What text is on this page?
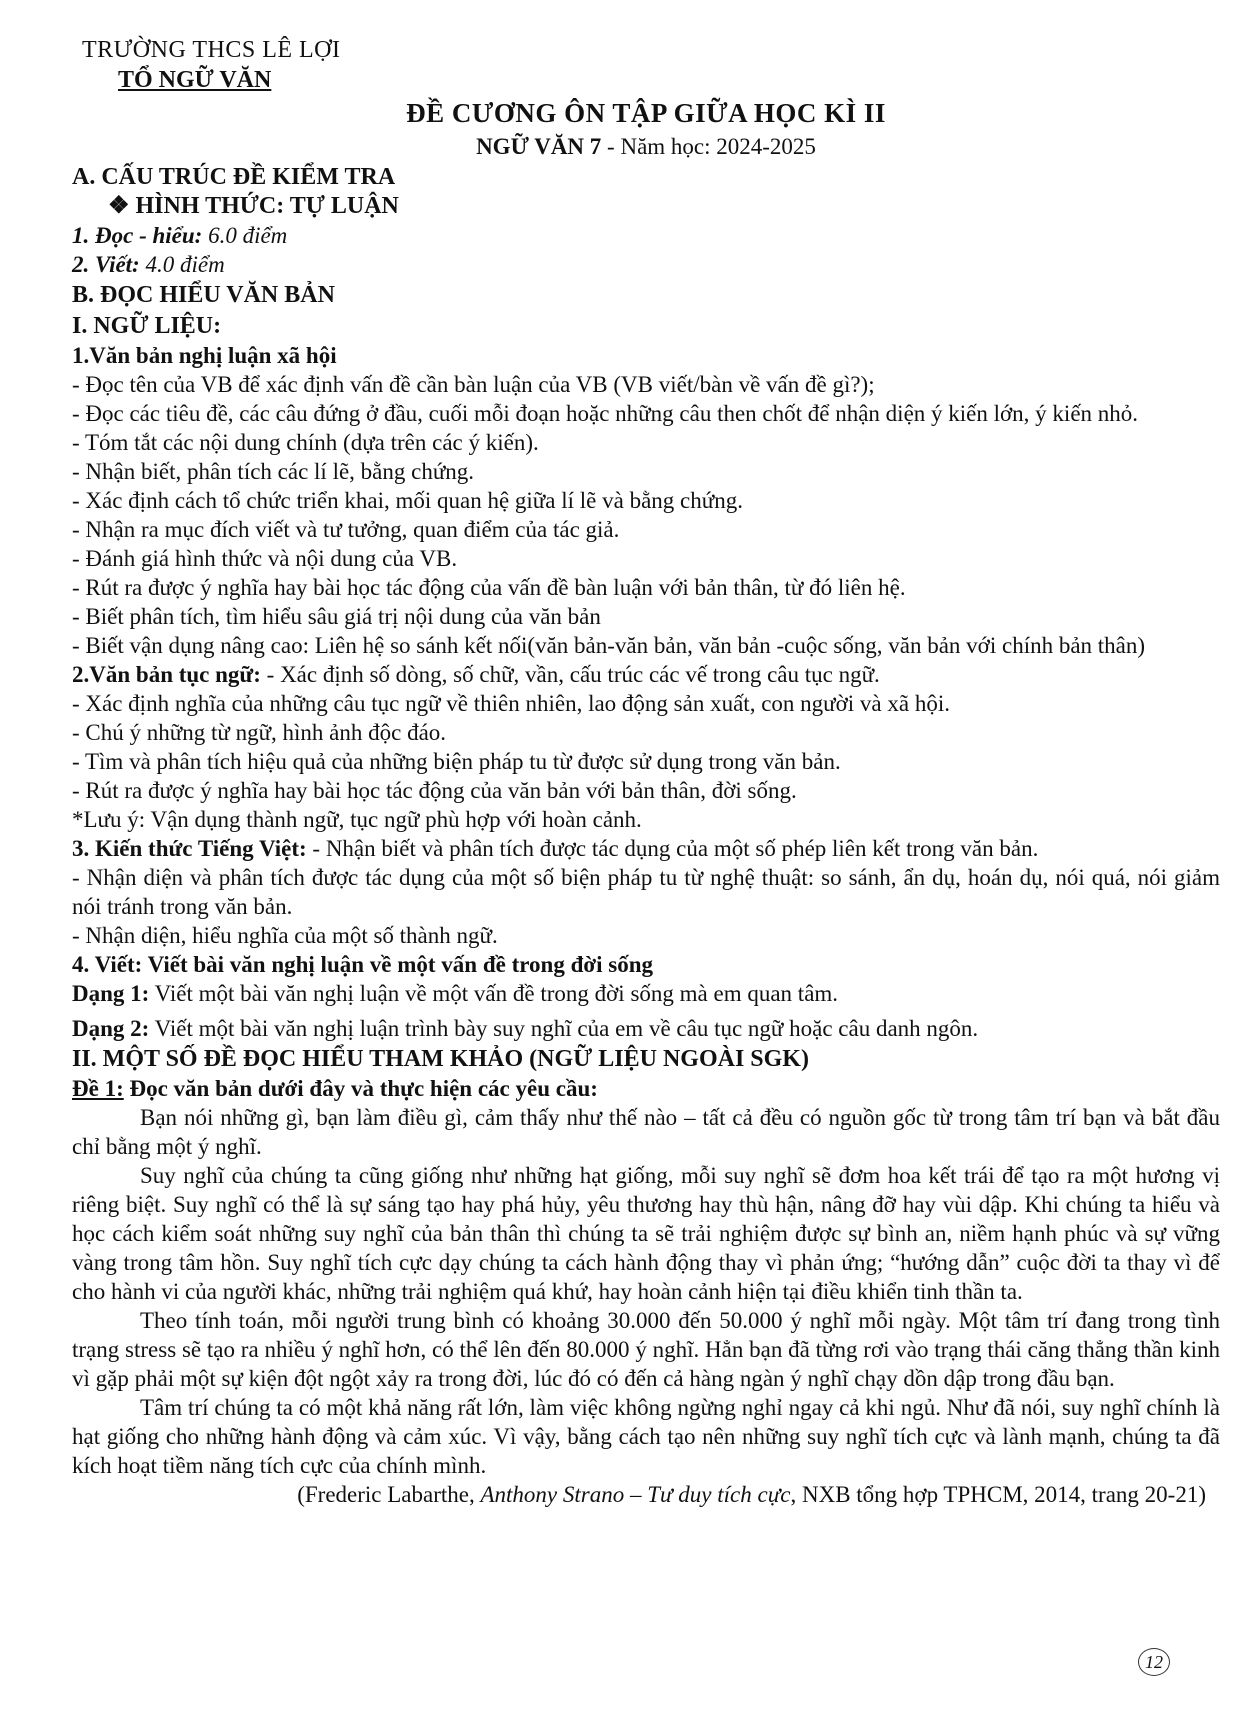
TRƯỜNG THCS LÊ LỢI
TỔ NGỮ VĂN
ĐỀ CƯƠNG ÔN TẬP GIỮA HỌC KÌ II
NGỮ VĂN 7 - Năm học: 2024-2025
A. CẤU TRÚC ĐỀ KIỂM TRA
❖ HÌNH THỨC: TỰ LUẬN
1. Đọc - hiểu: 6.0 điểm
2. Viết: 4.0 điểm
B. ĐỌC HIỂU VĂN BẢN
I. NGỮ LIỆU:
1.Văn bản nghị luận xã hội
- Đọc tên của VB để xác định vấn đề cần bàn luận của VB (VB viết/bàn về vấn đề gì?);
- Đọc các tiêu đề, các câu đứng ở đầu, cuối mỗi đoạn hoặc những câu then chốt để nhận diện ý kiến lớn, ý kiến nhỏ.
- Tóm tắt các nội dung chính (dựa trên các ý kiến).
- Nhận biết, phân tích các lí lẽ, bằng chứng.
- Xác định cách tổ chức triển khai, mối quan hệ giữa lí lẽ và bằng chứng.
- Nhận ra mục đích viết và tư tưởng, quan điểm của tác giả.
- Đánh giá hình thức và nội dung của VB.
- Rút ra được ý nghĩa hay bài học tác động của vấn đề bàn luận với bản thân, từ đó liên hệ.
- Biết phân tích, tìm hiểu sâu giá trị nội dung của văn bản
- Biết vận dụng nâng cao: Liên hệ so sánh kết nối(văn bản-văn bản, văn bản -cuộc sống, văn bản với chính bản thân)
2.Văn bản tục ngữ: - Xác định số dòng, số chữ, vần, cấu trúc các vế trong câu tục ngữ.
- Xác định nghĩa của những câu tục ngữ về thiên nhiên, lao động sản xuất, con người và xã hội.
- Chú ý những từ ngữ, hình ảnh độc đáo.
- Tìm và phân tích hiệu quả của những biện pháp tu từ được sử dụng trong văn bản.
- Rút ra được ý nghĩa hay bài học tác động của văn bản với bản thân, đời sống.
*Lưu ý: Vận dụng thành ngữ, tục ngữ phù hợp với hoàn cảnh.
3. Kiến thức Tiếng Việt: - Nhận biết và phân tích được tác dụng của một số phép liên kết trong văn bản.
- Nhận diện và phân tích được tác dụng của một số biện pháp tu từ nghệ thuật: so sánh, ẩn dụ, hoán dụ, nói quá, nói giảm nói tránh trong văn bản.
- Nhận diện, hiểu nghĩa của một số thành ngữ.
4. Viết: Viết bài văn nghị luận về một vấn đề trong đời sống
Dạng 1: Viết một bài văn nghị luận về một vấn đề trong đời sống mà em quan tâm.
Dạng 2: Viết một bài văn nghị luận trình bày suy nghĩ của em về câu tục ngữ hoặc câu danh ngôn.
II. MỘT SỐ ĐỀ ĐỌC HIỂU THAM KHẢO (NGỮ LIỆU NGOÀI SGK)
Đề 1: Đọc văn bản dưới đây và thực hiện các yêu cầu:
Bạn nói những gì, bạn làm điều gì, cảm thấy như thế nào – tất cả đều có nguồn gốc từ trong tâm trí bạn và bắt đầu chỉ bằng một ý nghĩ.
Suy nghĩ của chúng ta cũng giống như những hạt giống, mỗi suy nghĩ sẽ đơm hoa kết trái để tạo ra một hương vị riêng biệt. Suy nghĩ có thể là sự sáng tạo hay phá hủy, yêu thương hay thù hận, nâng đỡ hay vùi dập. Khi chúng ta hiểu và học cách kiểm soát những suy nghĩ của bản thân thì chúng ta sẽ trải nghiệm được sự bình an, niềm hạnh phúc và sự vững vàng trong tâm hồn. Suy nghĩ tích cực dạy chúng ta cách hành động thay vì phản ứng; “hướng dẫn” cuộc đời ta thay vì để cho hành vi của người khác, những trải nghiệm quá khứ, hay hoàn cảnh hiện tại điều khiển tinh thần ta.
Theo tính toán, mỗi người trung bình có khoảng 30.000 đến 50.000 ý nghĩ mỗi ngày. Một tâm trí đang trong tình trạng stress sẽ tạo ra nhiều ý nghĩ hơn, có thể lên đến 80.000 ý nghĩ. Hẳn bạn đã từng rơi vào trạng thái căng thẳng thần kinh vì gặp phải một sự kiện đột ngột xảy ra trong đời, lúc đó có đến cả hàng ngàn ý nghĩ chạy dồn dập trong đầu bạn.
Tâm trí chúng ta có một khả năng rất lớn, làm việc không ngừng nghỉ ngay cả khi ngủ. Như đã nói, suy nghĩ chính là hạt giống cho những hành động và cảm xúc. Vì vậy, bằng cách tạo nên những suy nghĩ tích cực và lành mạnh, chúng ta đã kích hoạt tiềm năng tích cực của chính mình.
(Frederic Labarthe, Anthony Strano – Tư duy tích cực, NXB tổng hợp TPHCM, 2014, trang 20-21)
12
